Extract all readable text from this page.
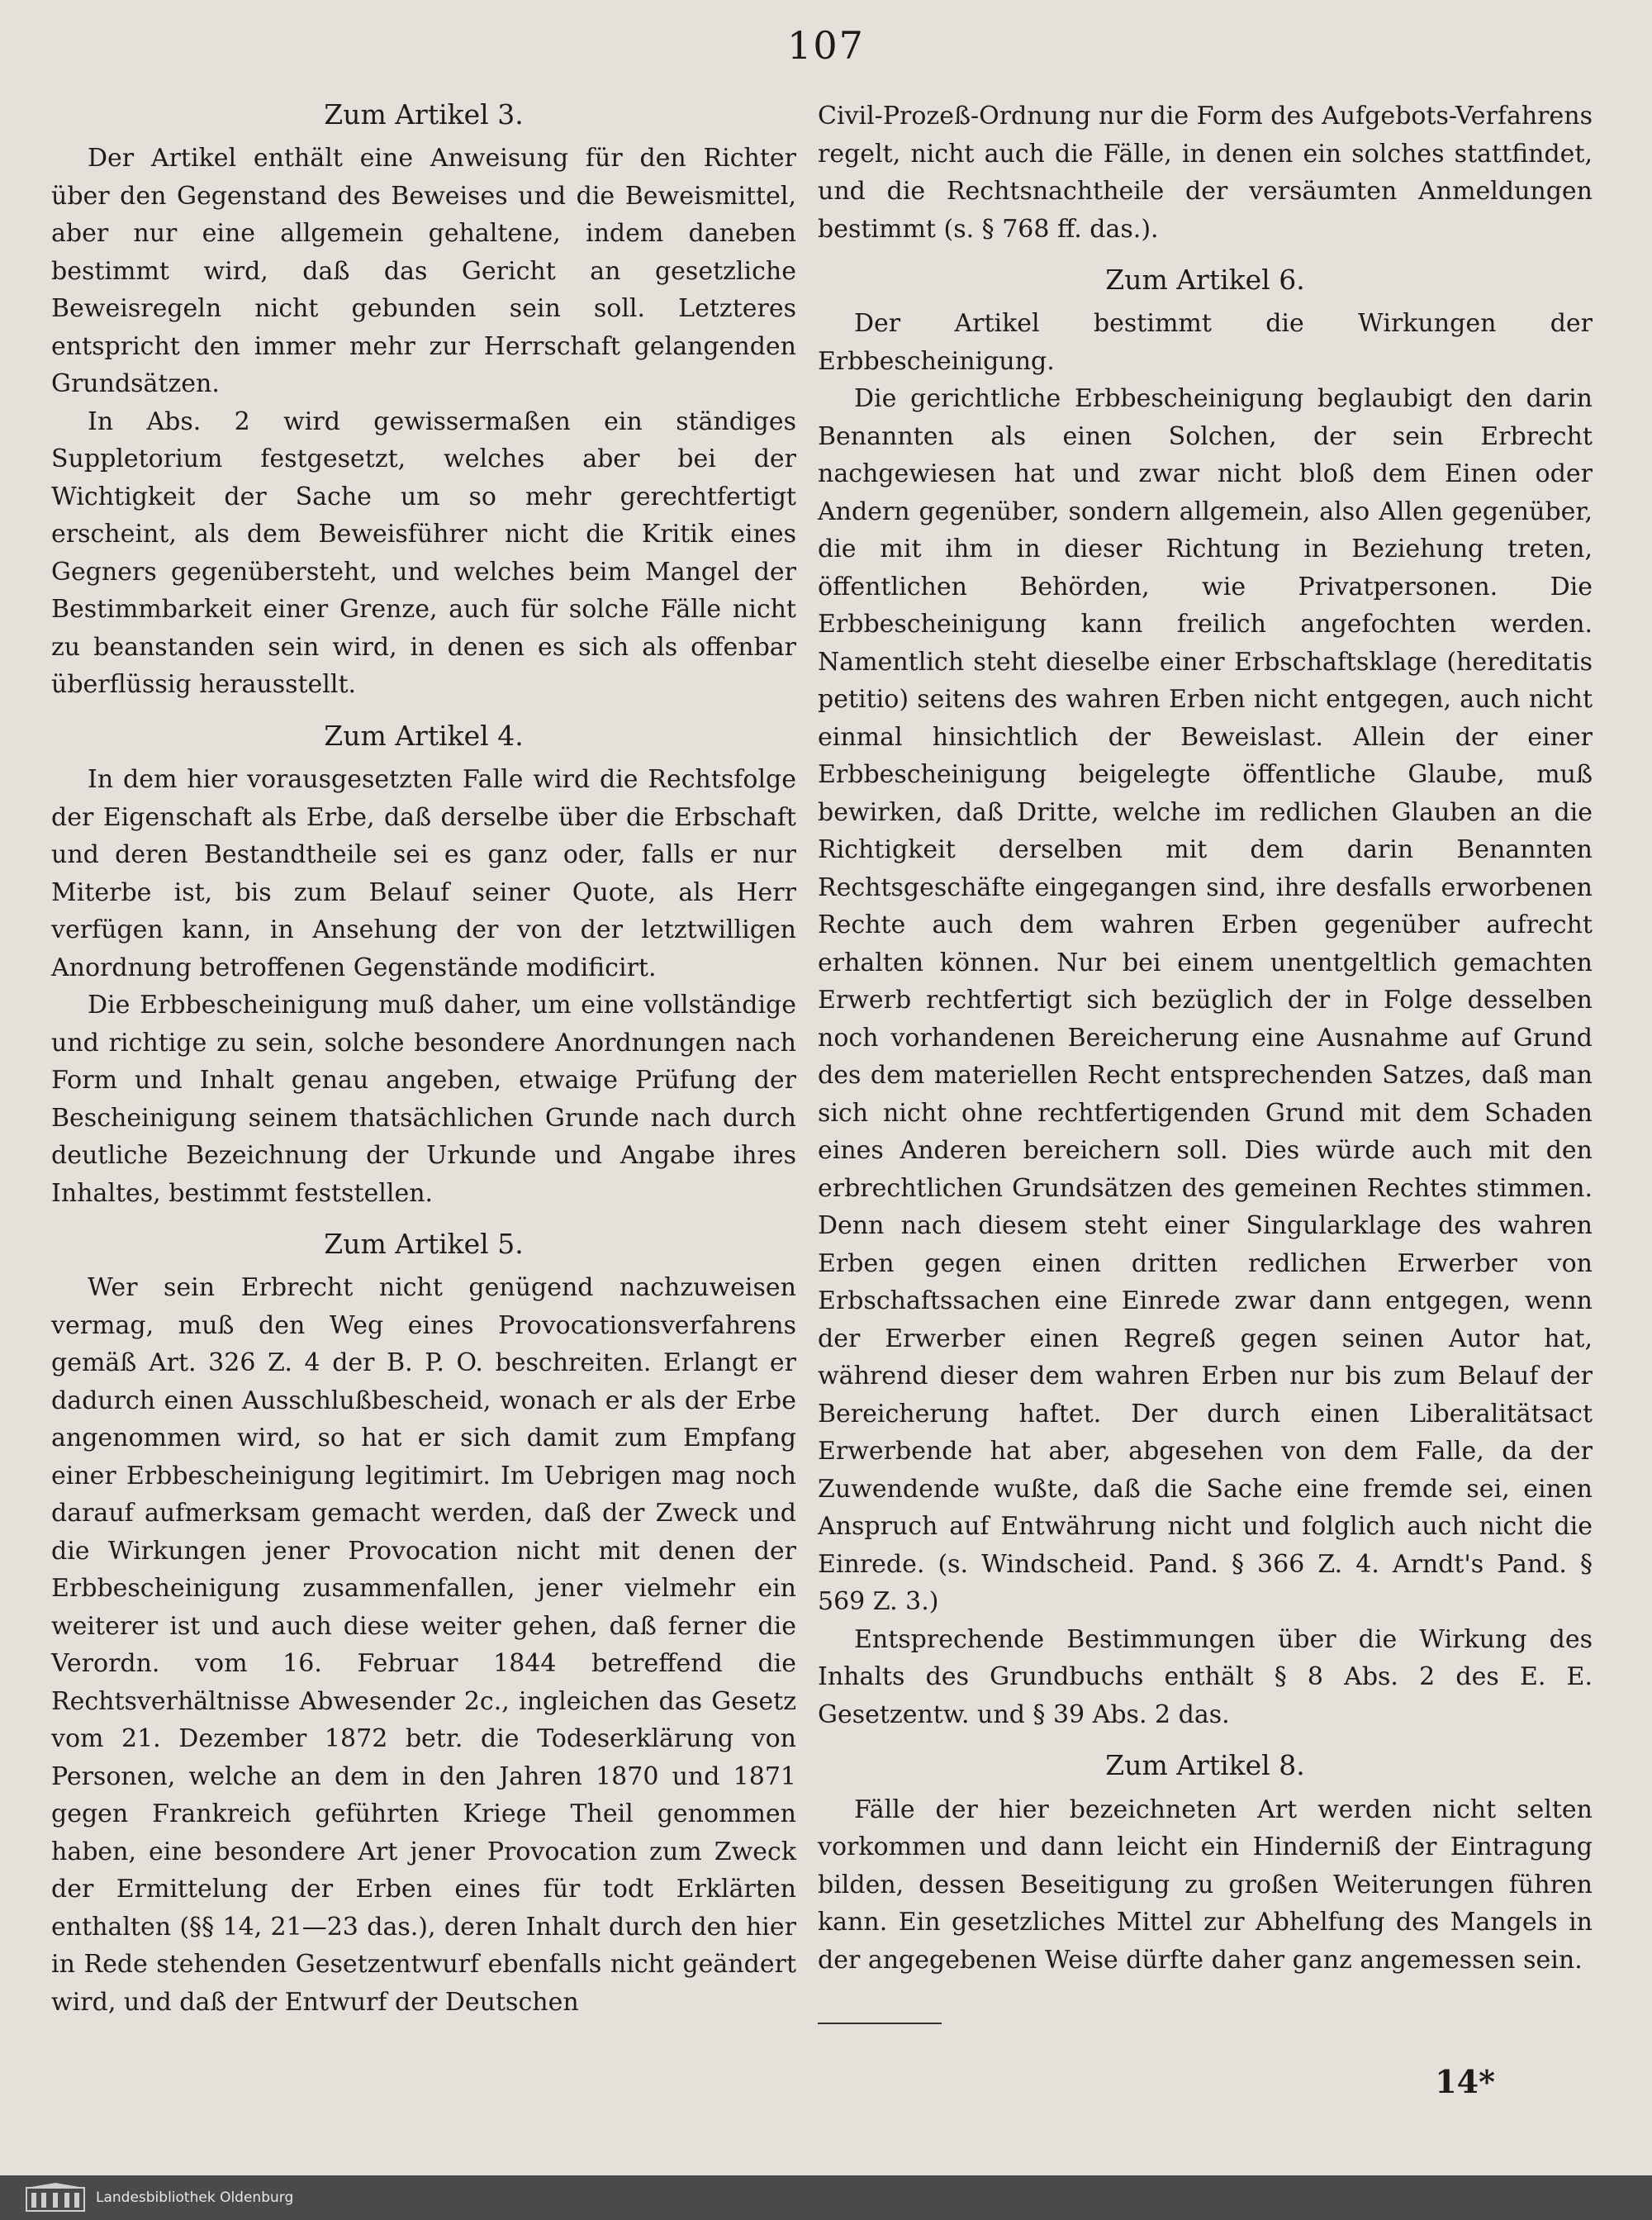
107
Zum Artikel 3.

Der Artikel enthält eine Anweisung für den Richter über den Gegenstand des Beweises und die Beweismittel, aber nur eine allgemein gehaltene, indem daneben bestimmt wird, daß das Gericht an gesetzliche Beweisregeln nicht gebunden sein soll. Letzteres entspricht den immer mehr zur Herrschaft gelangenden Grundsätzen.

In Abs. 2 wird gewissermaßen ein ständiges Suppletorium festgesetzt, welches aber bei der Wichtigkeit der Sache um so mehr gerechtfertigt erscheint, als dem Beweisführer nicht die Kritik eines Gegners gegenübersteht, und welches beim Mangel der Bestimmbarkeit einer Grenze, auch für solche Fälle nicht zu beanstanden sein wird, in denen es sich als offenbar überflüssig herausstellt.

Zum Artikel 4.

In dem hier vorausgesetzten Falle wird die Rechtsfolge der Eigenschaft als Erbe, daß derselbe über die Erbschaft und deren Bestandtheile sei es ganz oder, falls er nur Miterbe ist, bis zum Belauf seiner Quote, als Herr verfügen kann, in Ansehung der von der letztwilligen Anordnung betroffenen Gegenstände modificirt.

Die Erbbescheinigung muß daher, um eine vollständige und richtige zu sein, solche besondere Anordnungen nach Form und Inhalt genau angeben, etwaige Prüfung der Bescheinigung seinem thatsächlichen Grunde nach durch deutliche Bezeichnung der Urkunde und Angabe ihres Inhaltes, bestimmt feststellen.

Zum Artikel 5.

Wer sein Erbrecht nicht genügend nachzuweisen vermag, muß den Weg eines Provocationsverfahrens gemäß Art. 326 Z. 4 der B. P. O. beschreiten. Erlangt er dadurch einen Ausschlußbescheid, wonach er als der Erbe angenommen wird, so hat er sich damit zum Empfang einer Erbbescheinigung legitimirt. Im Uebrigen mag noch darauf aufmerksam gemacht werden, daß der Zweck und die Wirkungen jener Provocation nicht mit denen der Erbbescheinigung zusammenfallen, jener vielmehr ein weiterer ist und auch diese weiter gehen, daß ferner die Verordn. vom 16. Februar 1844 betreffend die Rechtsverhältnisse Abwesender 2c., ingleichen das Gesetz vom 21. Dezember 1872 betr. die Todeserklärung von Personen, welche an dem in den Jahren 1870 und 1871 gegen Frankreich geführten Kriege Theil genommen haben, eine besondere Art jener Provocation zum Zweck der Ermittelung der Erben eines für todt Erklärten enthalten (§§ 14, 21—23 das.), deren Inhalt durch den hier in Rede stehenden Gesetzentwurf ebenfalls nicht geändert wird, und daß der Entwurf der Deutschen

Civil-Prozeß-Ordnung nur die Form des Aufgebots-Verfahrens regelt, nicht auch die Fälle, in denen ein solches stattfindet, und die Rechtsnachtheile der versäumten Anmeldungen bestimmt (s. § 768 ff. das.).

Zum Artikel 6.

Der Artikel bestimmt die Wirkungen der Erbbescheinigung.

Die gerichtliche Erbbescheinigung beglaubigt den darin Benannten als einen Solchen, der sein Erbrecht nachgewiesen hat und zwar nicht bloß dem Einen oder Andern gegenüber, sondern allgemein, also Allen gegenüber, die mit ihm in dieser Richtung in Beziehung treten, öffentlichen Behörden, wie Privatpersonen. Die Erbbescheinigung kann freilich angefochten werden. Namentlich steht dieselbe einer Erbschaftsklage (hereditatis petitio) seitens des wahren Erben nicht entgegen, auch nicht einmal hinsichtlich der Beweislast. Allein der einer Erbbescheinigung beigelegte öffentliche Glaube, muß bewirken, daß Dritte, welche im redlichen Glauben an die Richtigkeit derselben mit dem darin Benannten Rechtsgeschäfte eingegangen sind, ihre desfalls erworbenen Rechte auch dem wahren Erben gegenüber aufrecht erhalten können. Nur bei einem unentgeltlich gemachten Erwerb rechtfertigt sich bezüglich der in Folge desselben noch vorhandenen Bereicherung eine Ausnahme auf Grund des dem materiellen Recht entsprechenden Satzes, daß man sich nicht ohne rechtfertigenden Grund mit dem Schaden eines Anderen bereichern soll. Dies würde auch mit den erbrechtlichen Grundsätzen des gemeinen Rechtes stimmen. Denn nach diesem steht einer Singularklage des wahren Erben gegen einen dritten redlichen Erwerber von Erbschaftssachen eine Einrede zwar dann entgegen, wenn der Erwerber einen Regreß gegen seinen Autor hat, während dieser dem wahren Erben nur bis zum Belauf der Bereicherung haftet. Der durch einen Liberalitätsact Erwerbende hat aber, abgesehen von dem Falle, da der Zuwendende wußte, daß die Sache eine fremde sei, einen Anspruch auf Entwährung nicht und folglich auch nicht die Einrede. (s. Windscheid. Pand. § 366 Z. 4. Arndt's Pand. § 569 Z. 3.)

Entsprechende Bestimmungen über die Wirkung des Inhalts des Grundbuchs enthält § 8 Abs. 2 des E. E. Gesetzentw. und § 39 Abs. 2 das.

Zum Artikel 8.

Fälle der hier bezeichneten Art werden nicht selten vorkommen und dann leicht ein Hinderniß der Eintragung bilden, dessen Beseitigung zu großen Weiterungen führen kann. Ein gesetzliches Mittel zur Abhelfung des Mangels in der angegebenen Weise dürfte daher ganz angemessen sein.

14*
Landesbibliothek Oldenburg
